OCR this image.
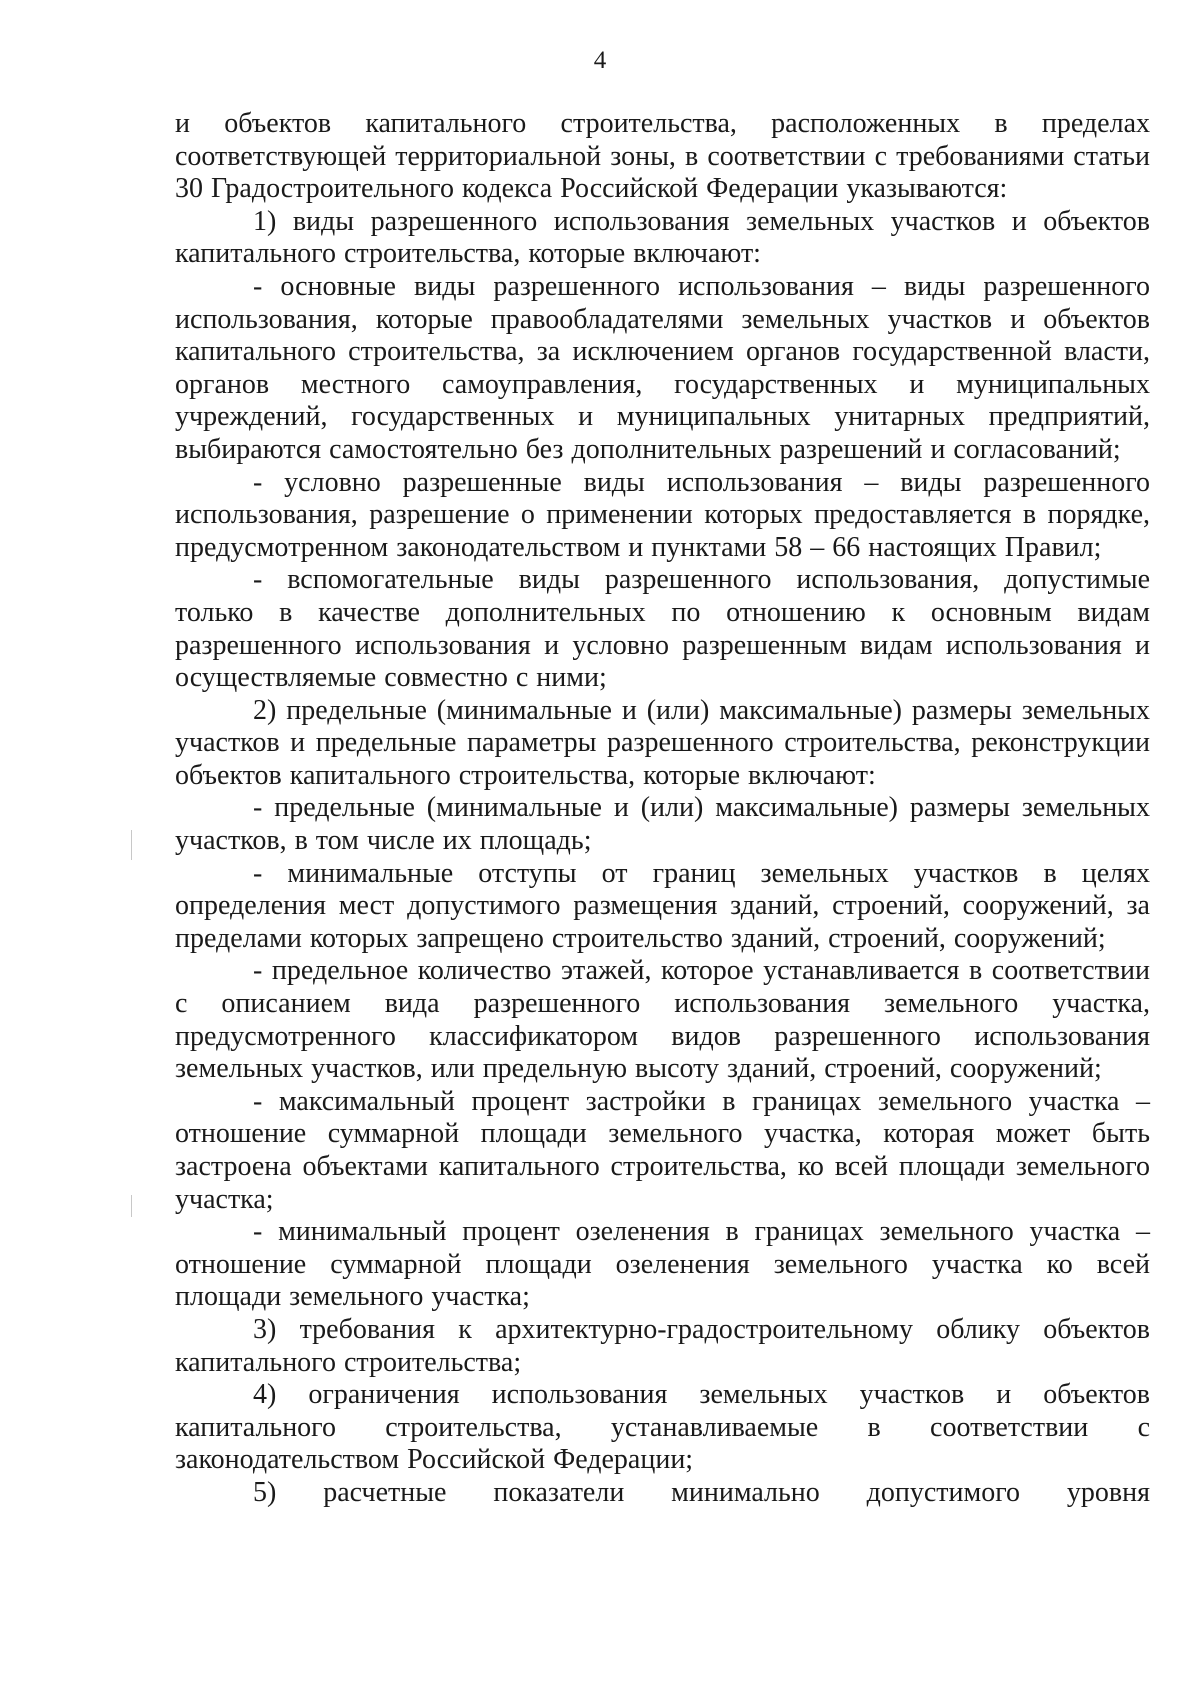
4

и объектов капитального строительства, расположенных в пределах соответствующей территориальной зоны, в соответствии с требованиями статьи 30 Градостроительного кодекса Российской Федерации указываются:

1) виды разрешенного использования земельных участков и объектов капитального строительства, которые включают:

- основные виды разрешенного использования – виды разрешенного использования, которые правообладателями земельных участков и объектов капитального строительства, за исключением органов государственной власти, органов местного самоуправления, государственных и муниципальных учреждений, государственных и муниципальных унитарных предприятий, выбираются самостоятельно без дополнительных разрешений и согласований;

- условно разрешенные виды использования – виды разрешенного использования, разрешение о применении которых предоставляется в порядке, предусмотренном законодательством и пунктами 58 – 66 настоящих Правил;

- вспомогательные виды разрешенного использования, допустимые только в качестве дополнительных по отношению к основным видам разрешенного использования и условно разрешенным видам использования и осуществляемые совместно с ними;

2) предельные (минимальные и (или) максимальные) размеры земельных участков и предельные параметры разрешенного строительства, реконструкции объектов капитального строительства, которые включают:

- предельные (минимальные и (или) максимальные) размеры земельных участков, в том числе их площадь;

- минимальные отступы от границ земельных участков в целях определения мест допустимого размещения зданий, строений, сооружений, за пределами которых запрещено строительство зданий, строений, сооружений;

- предельное количество этажей, которое устанавливается в соответствии с описанием вида разрешенного использования земельного участка, предусмотренного классификатором видов разрешенного использования земельных участков, или предельную высоту зданий, строений, сооружений;

- максимальный процент застройки в границах земельного участка – отношение суммарной площади земельного участка, которая может быть застроена объектами капитального строительства, ко всей площади земельного участка;

- минимальный процент озеленения в границах земельного участка – отношение суммарной площади озеленения земельного участка ко всей площади земельного участка;

3) требования к архитектурно-градостроительному облику объектов капитального строительства;

4) ограничения использования земельных участков и объектов капитального строительства, устанавливаемые в соответствии с законодательством Российской Федерации;

5) расчетные показатели минимально допустимого уровня
